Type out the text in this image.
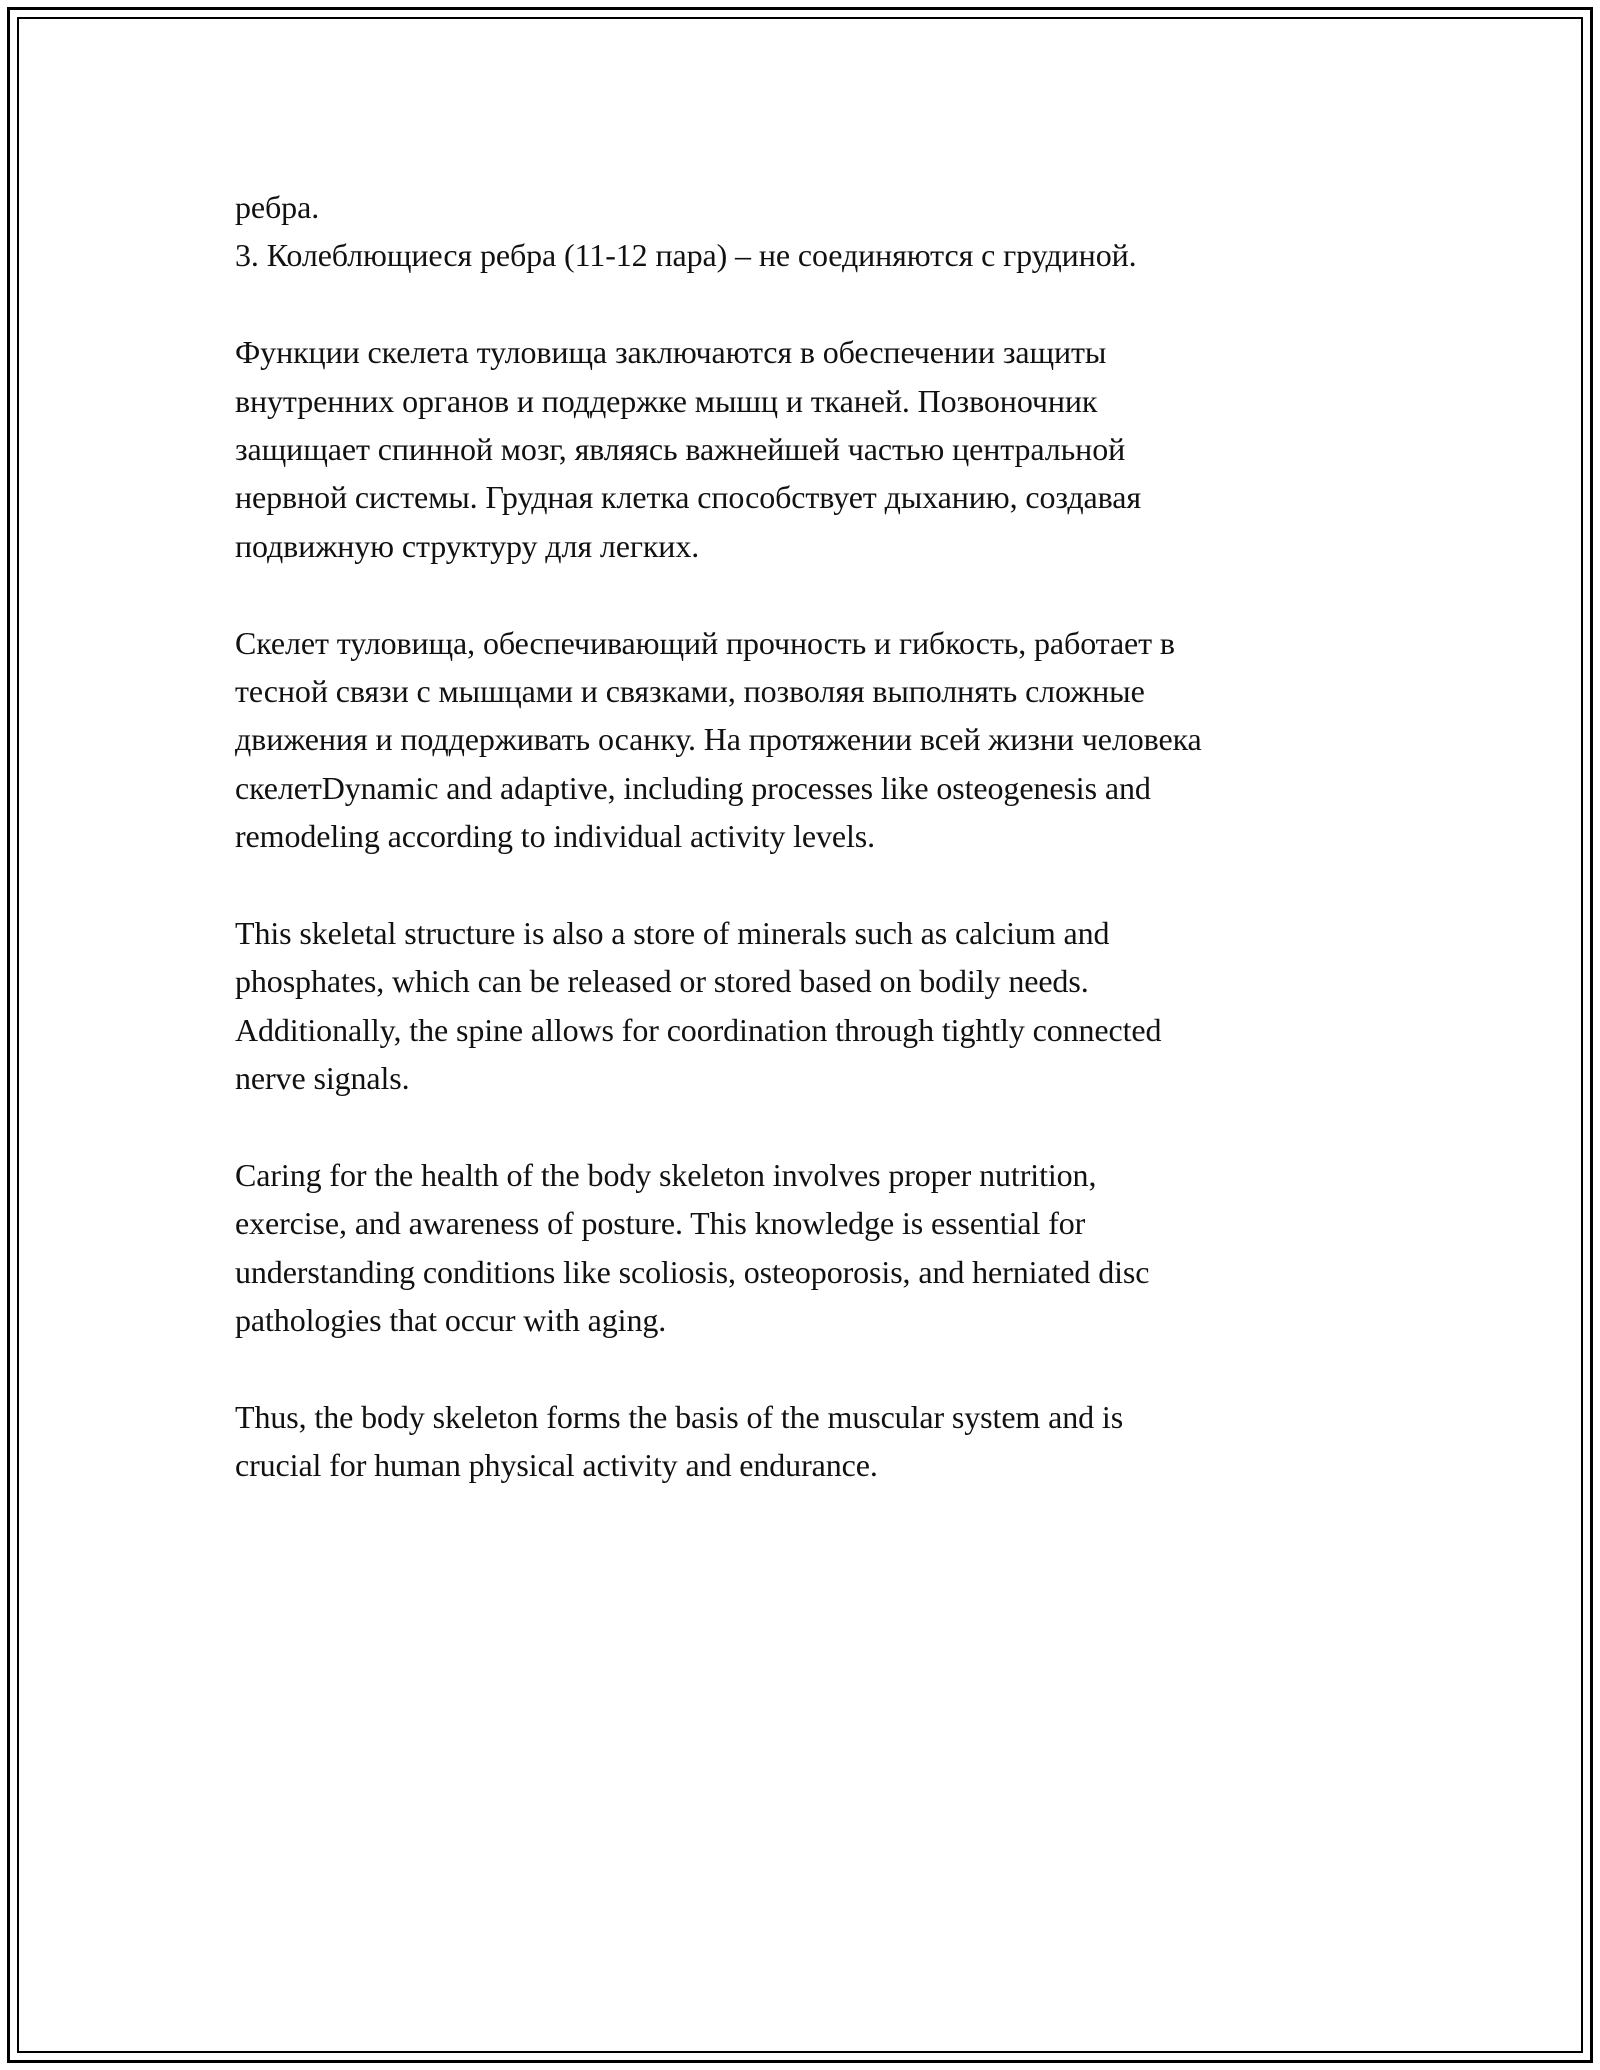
ребра.
3. Колеблющиеся ребра (11-12 пара) – не соединяются с грудиной.
Функции скелета туловища заключаются в обеспечении защиты
внутренних органов и поддержке мышц и тканей. Позвоночник
защищает спинной мозг, являясь важнейшей частью центральной
нервной системы. Грудная клетка способствует дыханию, создавая
подвижную структуру для легких.
Скелет туловища, обеспечивающий прочность и гибкость, работает в
тесной связи с мышцами и связками, позволяя выполнять сложные
движения и поддерживать осанку. На протяжении всей жизни человека
скелетDynamic and adaptive, including processes like osteogenesis and
remodeling according to individual activity levels.
This skeletal structure is also a store of minerals such as calcium and
phosphates, which can be released or stored based on bodily needs.
Additionally, the spine allows for coordination through tightly connected
nerve signals.
Caring for the health of the body skeleton involves proper nutrition,
exercise, and awareness of posture. This knowledge is essential for
understanding conditions like scoliosis, osteoporosis, and herniated disc
pathologies that occur with aging.
Thus, the body skeleton forms the basis of the muscular system and is
crucial for human physical activity and endurance.
